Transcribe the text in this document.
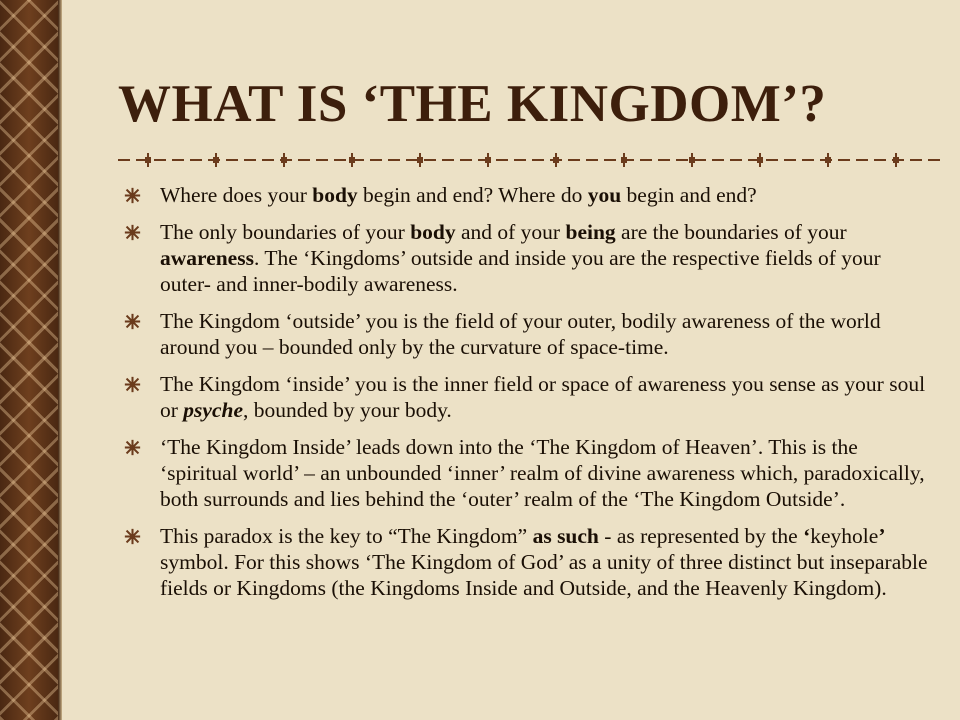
WHAT IS ‘THE KINGDOM’?
Where does your body begin and end? Where do you begin and end?
The only boundaries of your body and of your being are the boundaries of your awareness. The ‘Kingdoms’ outside and inside you are the respective fields of your outer- and inner-bodily awareness.
The Kingdom ‘outside’ you is the field of your outer, bodily awareness of the world around you – bounded only by the curvature of space-time.
The Kingdom ‘inside’ you is the inner field or space of awareness you sense as your soul or psyche, bounded by your body.
‘The Kingdom Inside’ leads down into the ‘The Kingdom of Heaven’. This is the ‘spiritual world’ – an unbounded ‘inner’ realm of divine awareness which, paradoxically, both surrounds and lies behind the ‘outer’ realm of the ‘The Kingdom Outside’.
This paradox is the key to “The Kingdom” as such - as represented by the ‘keyhole’ symbol. For this shows ‘The Kingdom of God’ as a unity of three distinct but inseparable fields or Kingdoms (the Kingdoms Inside and Outside, and the Heavenly Kingdom).
